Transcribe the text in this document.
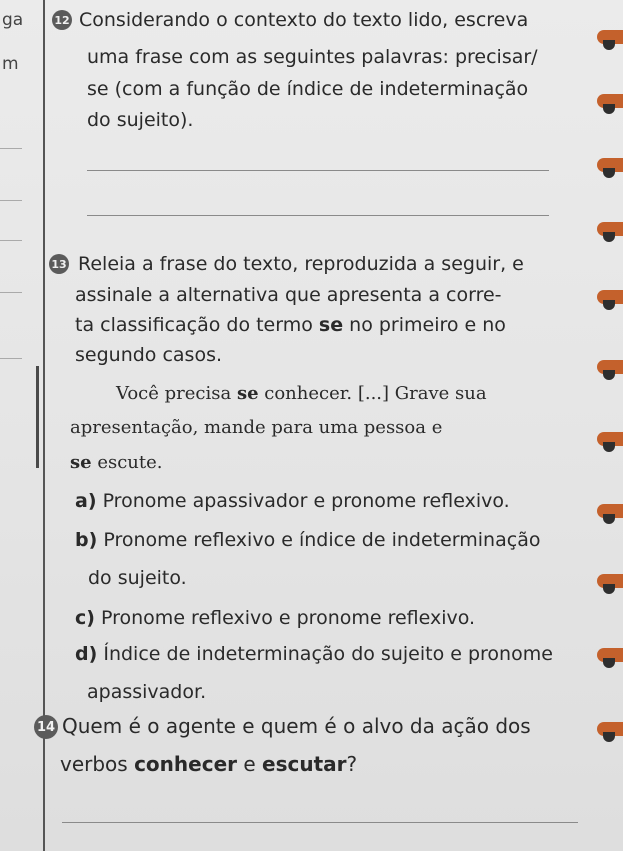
ga
m
12 Considerando o contexto do texto lido, escreva
uma frase com as seguintes palavras: precisar/
se (com a função de índice de indeterminação
do sujeito).
13 Releia a frase do texto, reproduzida a seguir, e
assinale a alternativa que apresenta a corre-
ta classificação do termo se no primeiro e no
segundo casos.
Você precisa se conhecer. [...] Grave sua
apresentação, mande para uma pessoa e
se escute.
a) Pronome apassivador e pronome reflexivo.
b) Pronome reflexivo e índice de indeterminação
do sujeito.
c) Pronome reflexivo e pronome reflexivo.
d) Índice de indeterminação do sujeito e pronome
apassivador.
14 Quem é o agente e quem é o alvo da ação dos
verbos conhecer e escutar?
